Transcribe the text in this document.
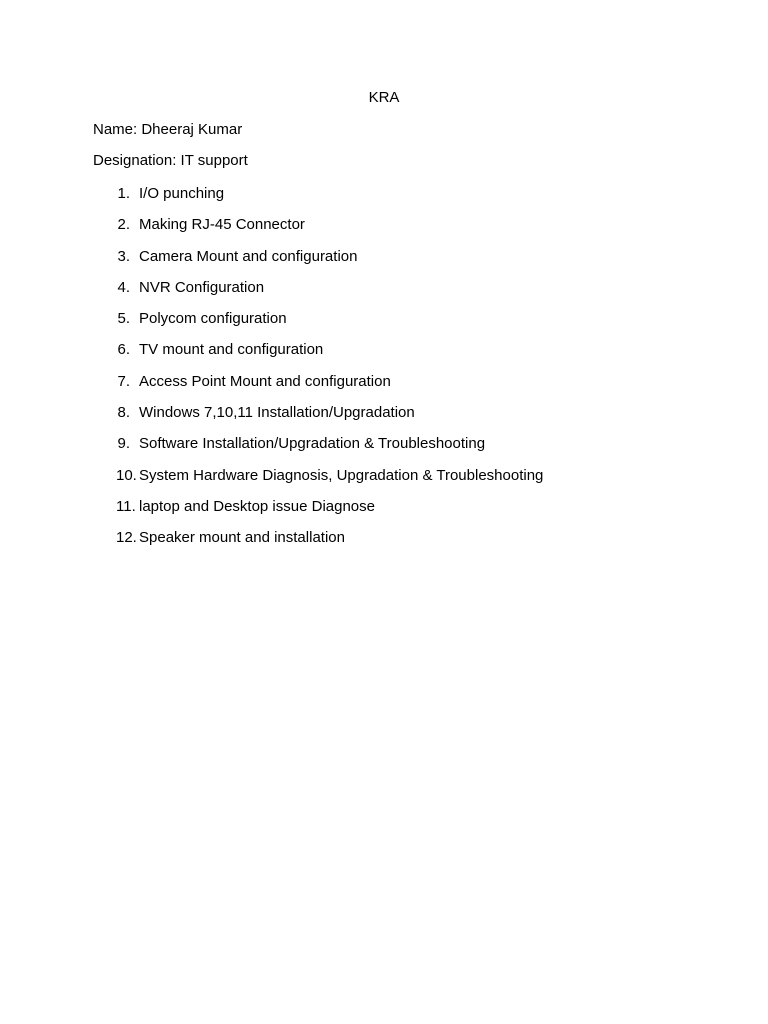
KRA
Name: Dheeraj Kumar
Designation: IT support
1. I/O punching
2. Making RJ-45 Connector
3. Camera Mount and configuration
4. NVR Configuration
5. Polycom configuration
6. TV mount and configuration
7. Access Point Mount and configuration
8. Windows 7,10,11 Installation/Upgradation
9. Software Installation/Upgradation & Troubleshooting
10. System Hardware Diagnosis, Upgradation & Troubleshooting
11. laptop and Desktop issue Diagnose
12. Speaker mount and installation
